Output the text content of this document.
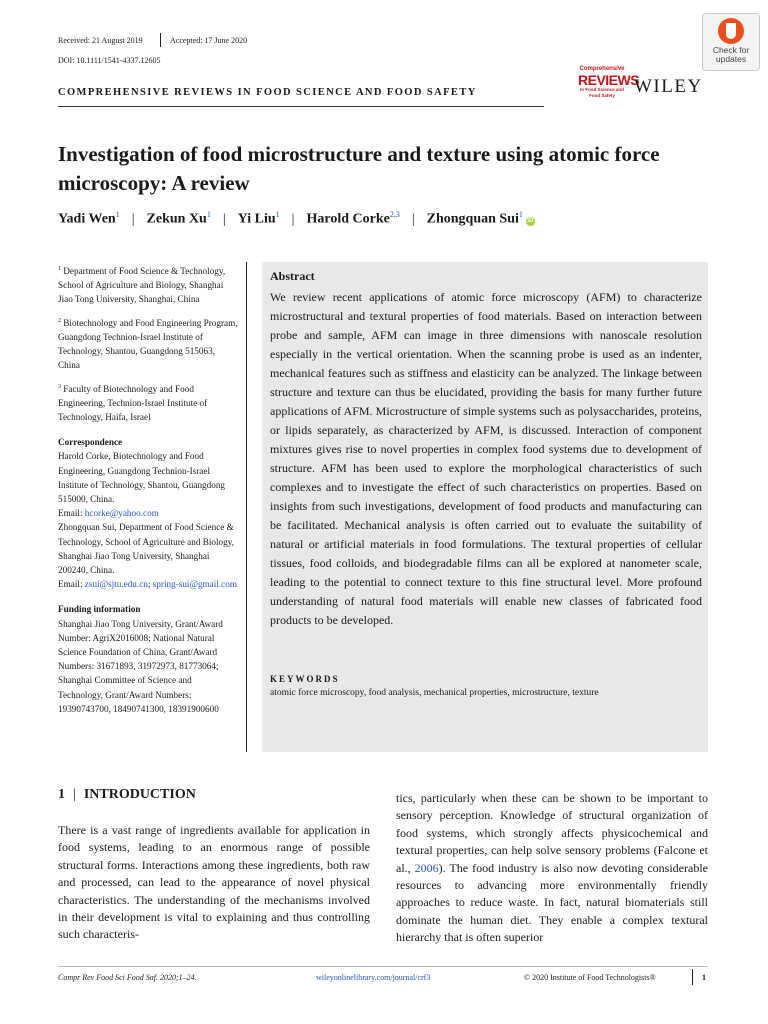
Received: 21 August 2019	Accepted: 17 June 2020
DOI: 10.1111/1541-4337.12605
COMPREHENSIVE REVIEWS IN FOOD SCIENCE AND FOOD SAFETY
Check for
updates
Comprehensive
REVIEWS
In Food Science and Food Safety	WILEY
Investigation of food microstructure and texture using atomic force microscopy: A review
Yadi Wen$^1$ | Zekun Xu$^1$ | Yi Liu$^1$ | Harold Corke$^{2,3}$ | Zhongquan Sui$^1$iD

$^1$ Department of Food Science & Technology, School of Agriculture and Biology, Shanghai Jiao Tong University, Shanghai, China

$^2$ Biotechnology and Food Engineering Program, Guangdong Technion-Israel Institute of Technology, Shantou, Guangdong 515063, China

$^3$ Faculty of Biotechnology and Food Engineering, Technion-Israel Institute of Technology, Haifa, Israel

Correspondence
Harold Corke, Biotechnology and Food Engineering, Guangdong Technion-Israel Institute of Technology, Shantou, Guangdong 515000, China.
Email: hcorke@yahoo.com
Zhongquan Sui, Department of Food Science & Technology, School of Agriculture and Biology, Shanghai Jiao Tong University, Shanghai 200240, China.
Email: zsui@sjtu.edu.cn; spring-sui@gmail.com
Funding information
Shanghai Jiao Tong University, Grant/Award Number: AgriX2016008; National Natural Science Foundation of China, Grant/Award Numbers: 31671893, 31972973, 81773064; Shanghai Committee of Science and Technology, Grant/Award Numbers: 19390743700, 18490741300, 18391900600
Abstract
We review recent applications of atomic force microscopy (AFM) to characterize microstructural and textural properties of food materials. Based on interaction between probe and sample, AFM can image in three dimensions with nanoscale resolution especially in the vertical orientation. When the scanning probe is used as an indenter, mechanical features such as stiffness and elasticity can be analyzed. The linkage between structure and texture can thus be elucidated, providing the basis for many further future applications of AFM. Microstructure of simple systems such as polysaccharides, proteins, or lipids separately, as characterized by AFM, is discussed. Interaction of component mixtures gives rise to novel properties in complex food systems due to development of structure. AFM has been used to explore the morphological characteristics of such complexes and to investigate the effect of such characteristics on properties. Based on insights from such investigations, development of food products and manufacturing can be facilitated. Mechanical analysis is often carried out to evaluate the suitability of natural or artificial materials in food formulations. The textural properties of cellular tissues, food colloids, and biodegradable films can all be explored at nanometer scale, leading to the potential to connect texture to this fine structural level. More profound understanding of natural food materials will enable new classes of fabricated food products to be developed.
KEYWORDS
atomic force microscopy, food analysis, mechanical properties, microstructure, texture
1 | INTRODUCTION
There is a vast range of ingredients available for application in food systems, leading to an enormous range of possible structural forms. Interactions among these ingredients, both raw and processed, can lead to the appearance of novel physical characteristics. The understanding of the mechanisms involved in their development is vital to explaining and thus controlling such characteris-
tics, particularly when these can be shown to be important to sensory perception. Knowledge of structural organization of food systems, which strongly affects physicochemical and textural properties, can help solve sensory problems (Falcone et al., 2006). The food industry is also now devoting considerable resources to advancing more environmentally friendly approaches to reduce waste. In fact, natural biomaterials still dominate the human diet. They enable a complex textural hierarchy that is often superior
Compr Rev Food Sci Food Saf. 2020;1–24.	wileyonlinelibrary.com/journal/crf3	© 2020 Institute of Food Technologists®	1
